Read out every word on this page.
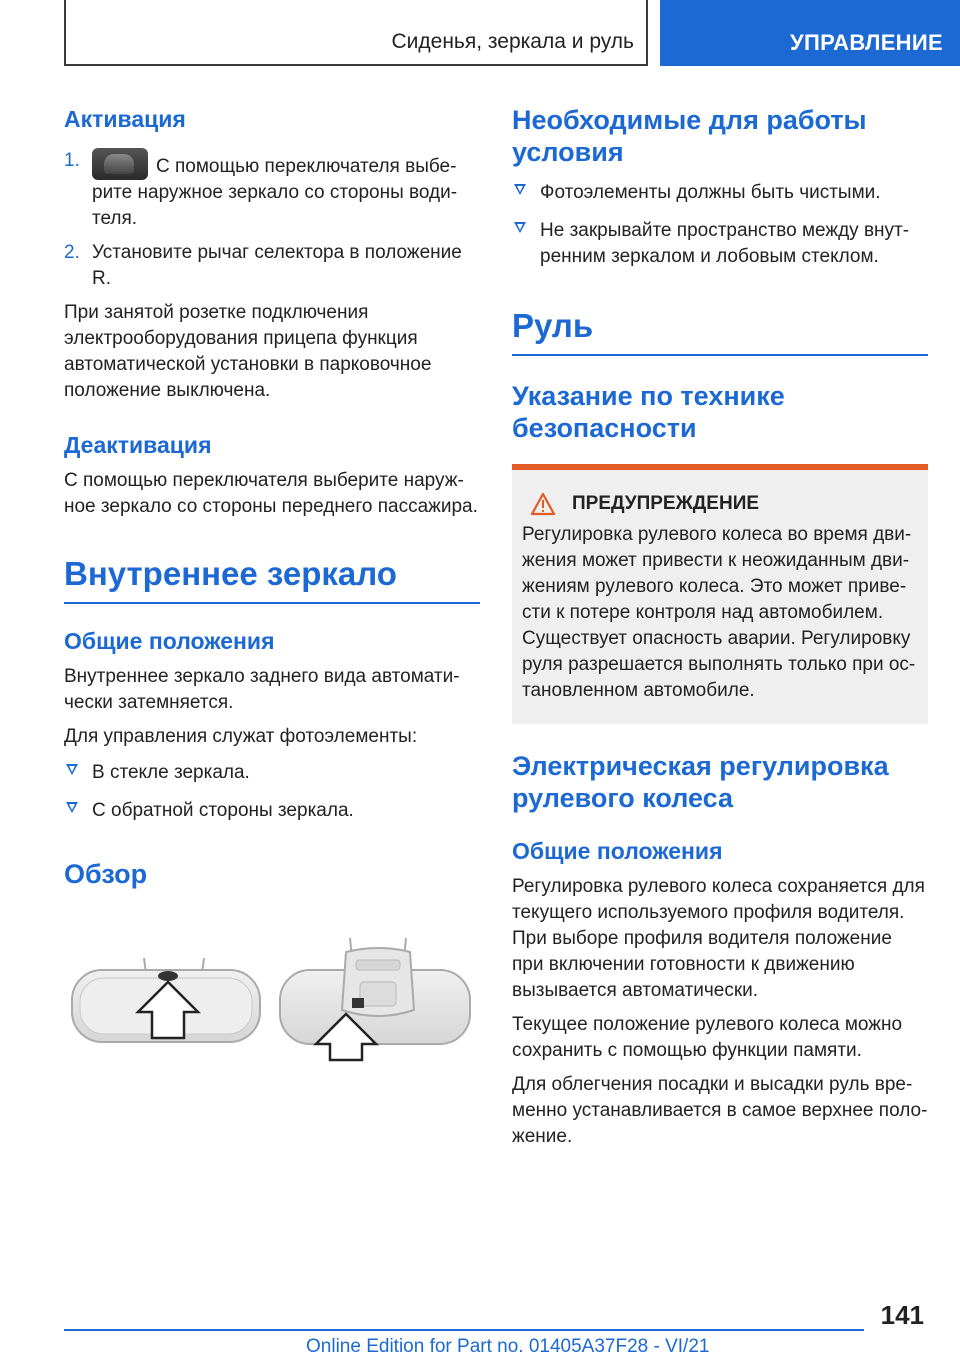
Сиденья, зеркала и руль	УПРАВЛЕНИЕ
Активация
1.	С помощью переключателя выберите наружное зеркало со стороны водителя.
2. Установите рычаг селектора в положение R.

При занятой розетке подключения электрооборудования прицепа функция автоматической установки в парковочное положение выключена.

Деактивация

С помощью переключателя выберите наружное зеркало со стороны переднего пассажира.

Внутреннее зеркало
Общие положения

Внутреннее зеркало заднего вида автоматически затемняется.

Для управления служат фотоэлементы:

В стекле зеркала.
С обратной стороны зеркала.
Обзор
Необходимые для работы условия
Фотоэлементы должны быть чистыми.
Не закрывайте пространство между внутренним зеркалом и лобовым стеклом.
Руль
Указание по технике безопасности
ПРЕДУПРЕЖДЕНИЕ

Регулировка рулевого колеса во время движения может привести к неожиданным движениям рулевого колеса. Это может привести к потере контроля над автомобилем. Существует опасность аварии. Регулировку руля разрешается выполнять только при остановленном автомобиле.

Электрическая регулировка рулевого колеса
Общие положения

Регулировка рулевого колеса сохраняется для текущего используемого профиля водителя. При выборе профиля водителя положение при включении готовности к движению вызывается автоматически.

Текущее положение рулевого колеса можно сохранить с помощью функции памяти.

Для облегчения посадки и высадки руль временно устанавливается в самое верхнее положение.

141
Online Edition for Part no. 01405A37F28 - VI/21
